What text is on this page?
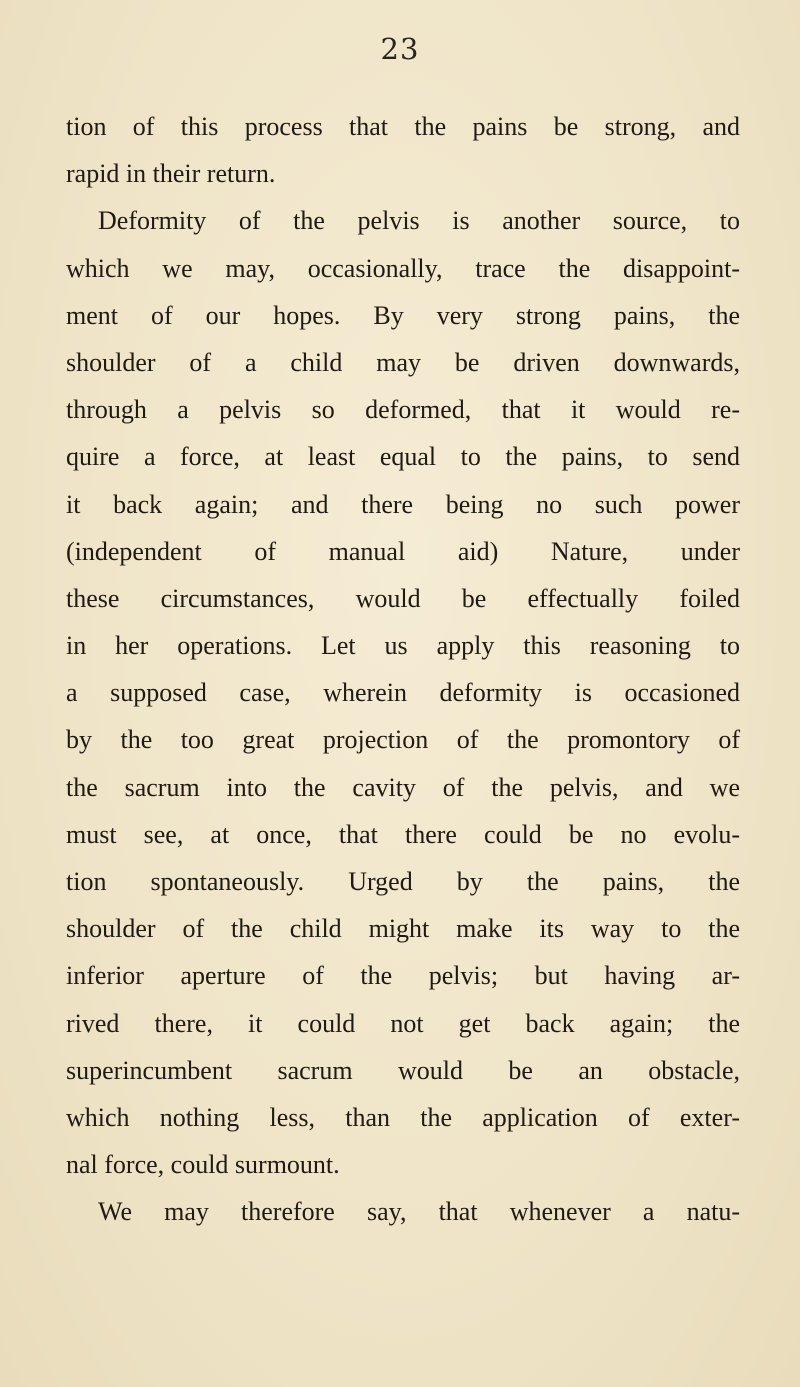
23
tion of this process that the pains be strong, and
rapid in their return.
Deformity of the pelvis is another source, to
which we may, occasionally, trace the disappoint-
ment of our hopes. By very strong pains, the
shoulder of a child may be driven downwards,
through a pelvis so deformed, that it would re-
quire a force, at least equal to the pains, to send
it back again; and there being no such power
(independent of manual aid) Nature, under
these circumstances, would be effectually foiled
in her operations. Let us apply this reasoning to
a supposed case, wherein deformity is occasioned
by the too great projection of the promontory of
the sacrum into the cavity of the pelvis, and we
must see, at once, that there could be no evolu-
tion spontaneously. Urged by the pains, the
shoulder of the child might make its way to the
inferior aperture of the pelvis; but having ar-
rived there, it could not get back again; the
superincumbent sacrum would be an obstacle,
which nothing less, than the application of exter-
nal force, could surmount.
We may therefore say, that whenever a natu-
